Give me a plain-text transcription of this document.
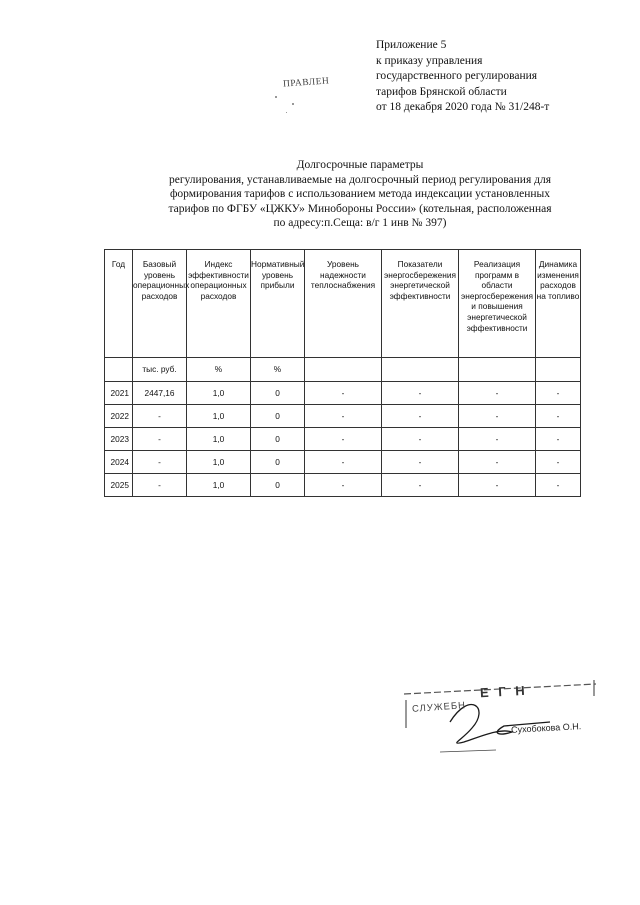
Приложение 5
к приказу управления
государственного регулирования
тарифов Брянской области
от 18 декабря 2020 года № 31/248-т
ПРАВЛЕН
Долгосрочные параметры
регулирования, устанавливаемые на долгосрочный период регулирования для
формирования тарифов с использованием метода индексации установленных
тарифов по ФГБУ «ЦЖКУ» Минобороны России» (котельная, расположенная
по адресу:п.Сеща: в/г 1 инв № 397)
Год	Базовый уровень операционных расходов	Индекс эффективности операционных расходов	Нормативный уровень прибыли	Уровень надежности теплоснабжения	Показатели энергосбережения энергетической эффективности	Реализация программ в области энергосбережения и повышения энергетической эффективности	Динамика изменения расходов на топливо
	тыс. руб.	%	%				
2021	2447,16	1,0	0	-	-	-	-
2022	-	1,0	0	-	-	-	-
2023	-	1,0	0	-	-	-	-
2024	-	1,0	0	-	-	-	-
2025	-	1,0	0	-	-	-	-
Е Г Н
СЛУЖЕБН
Сухобокова О.Н.
